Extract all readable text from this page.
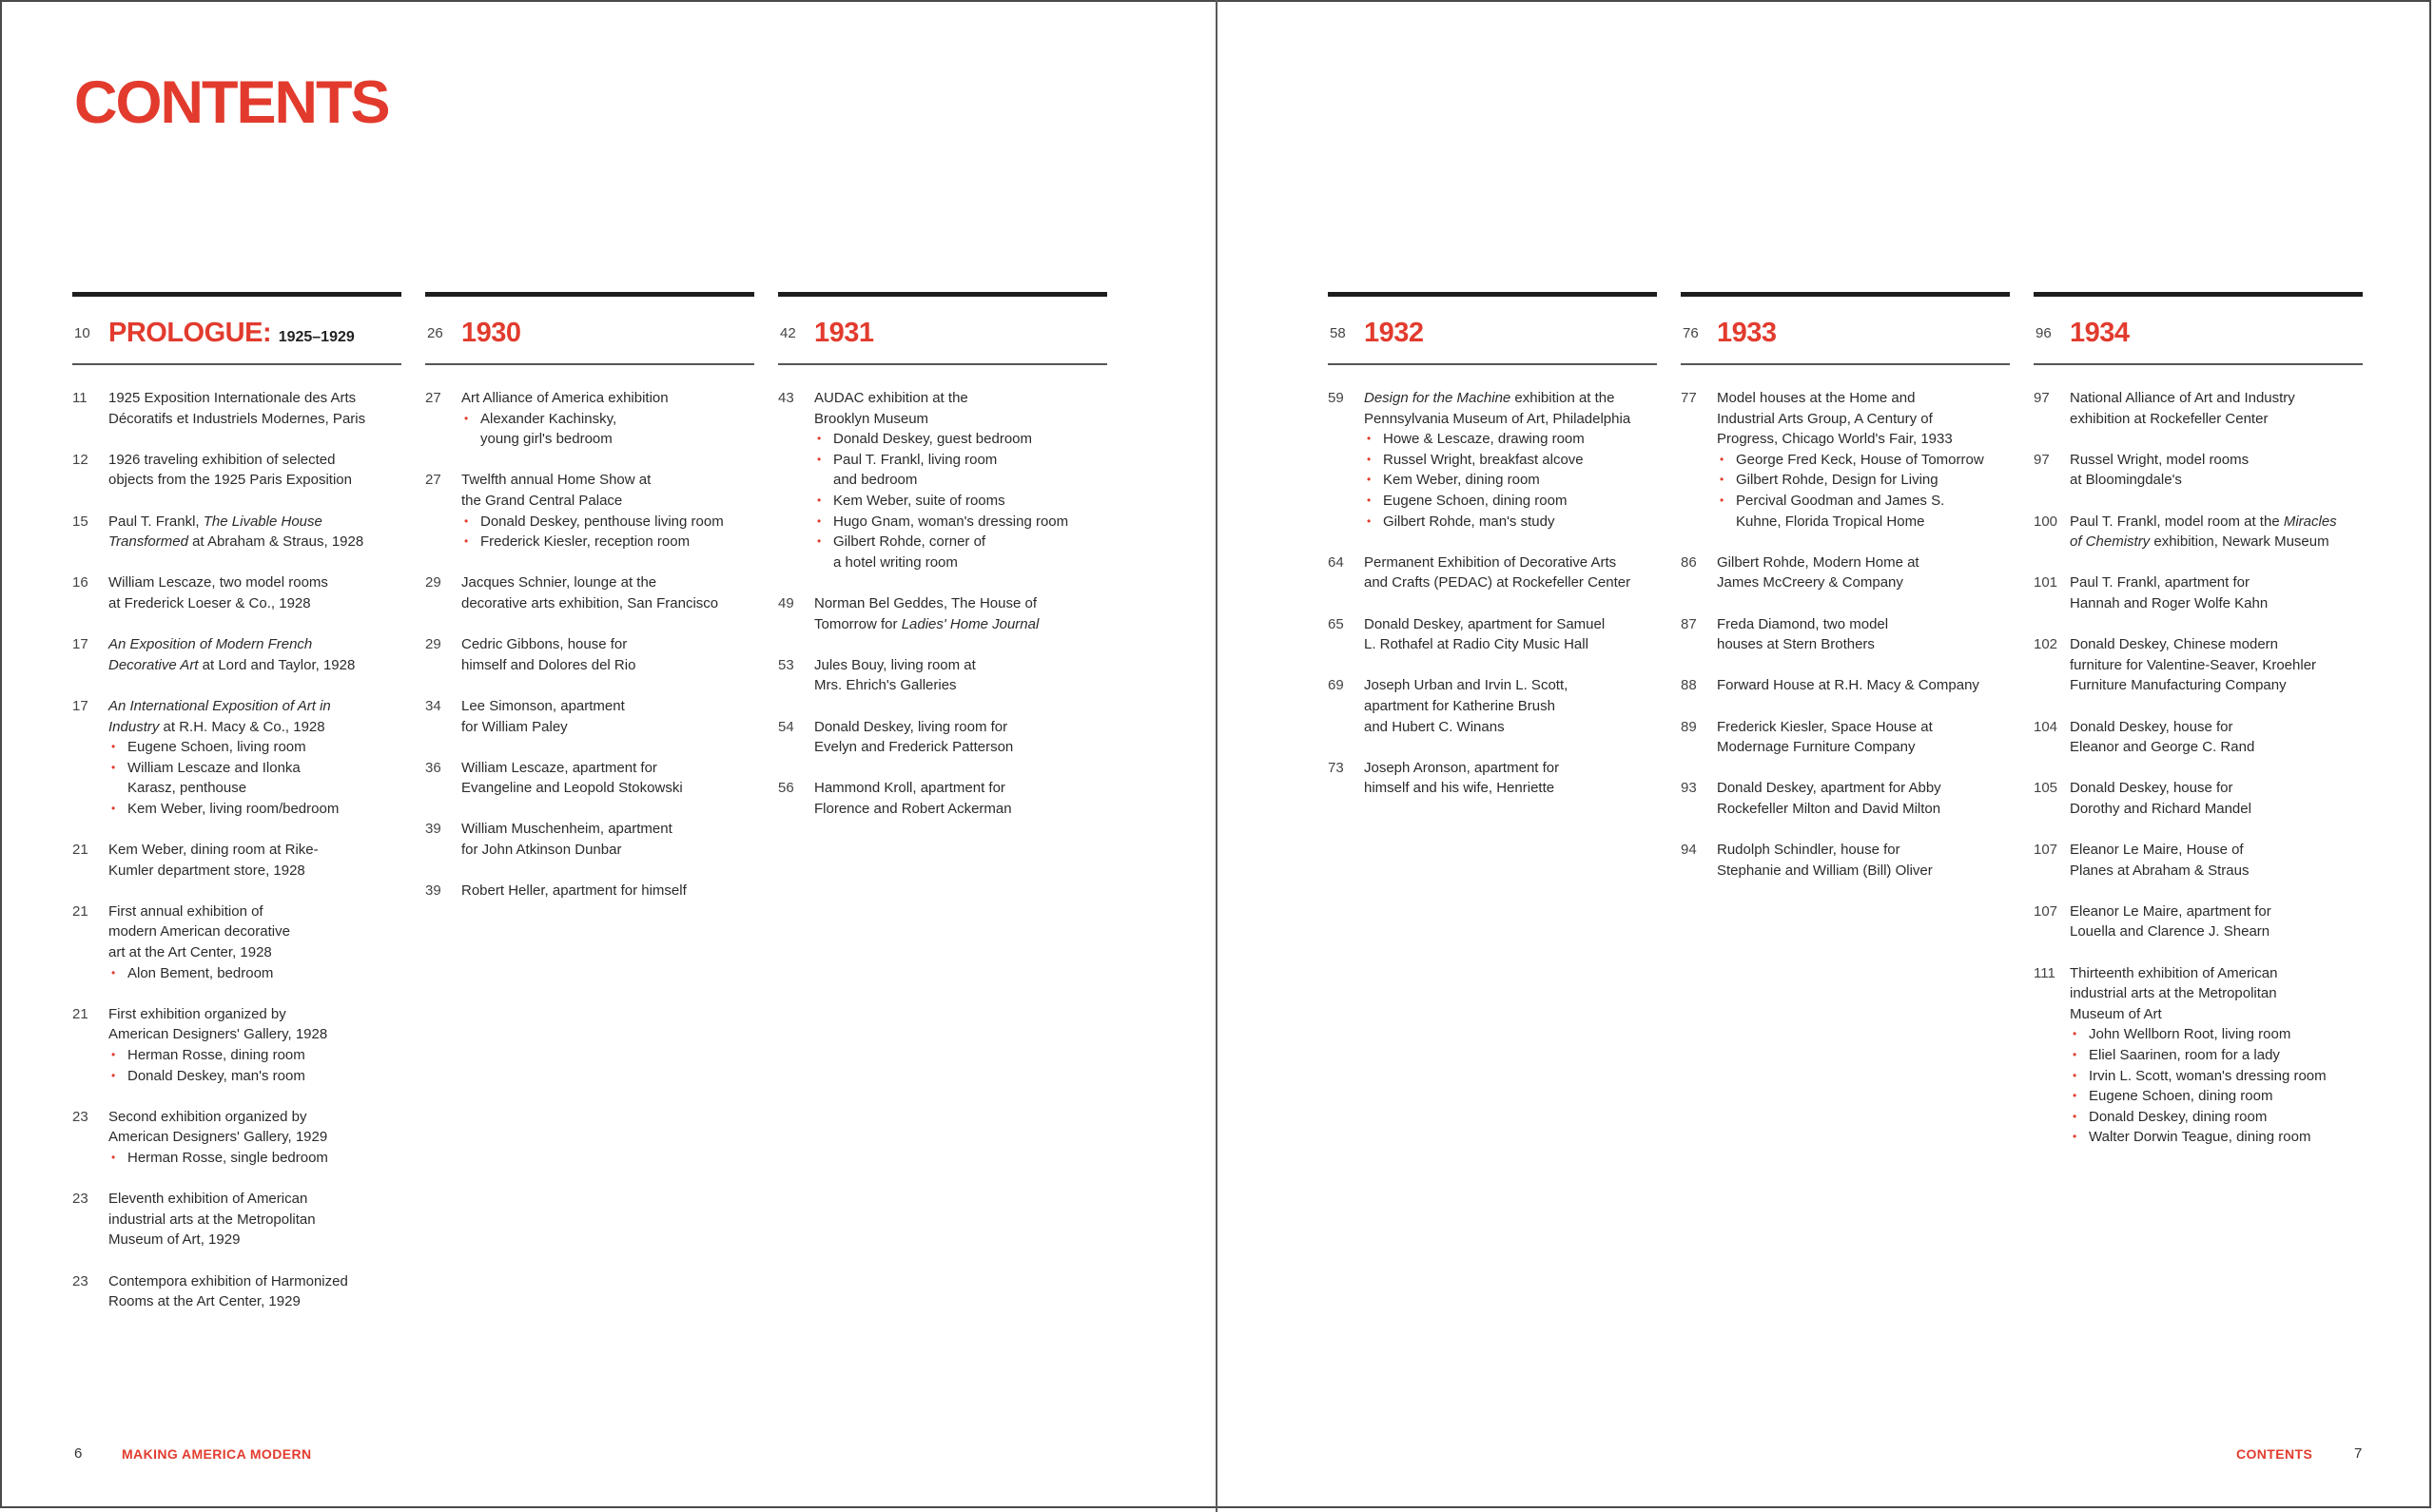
CONTENTS
10 PROLOGUE: 1925–1929
11	1925 Exposition Internationale des Arts
Décoratifs et Industriels Modernes, Paris
12	1926 traveling exhibition of selected
objects from the 1925 Paris Exposition
15	Paul T. Frankl, The Livable House
Transformed at Abraham & Straus, 1928
16	William Lescaze, two model rooms
at Frederick Loeser & Co., 1928
17	An Exposition of Modern French
Decorative Art at Lord and Taylor, 1928
17	An International Exposition of Art in
Industry at R.H. Macy & Co., 1928
• Eugene Schoen, living room
• William Lescaze and Ilonka
Karasz, penthouse
• Kem Weber, living room/bedroom
21	Kem Weber, dining room at Rike-
Kumler department store, 1928
21	First annual exhibition of
modern American decorative
art at the Art Center, 1928
• Alon Bement, bedroom
21	First exhibition organized by
American Designers' Gallery, 1928
• Herman Rosse, dining room
• Donald Deskey, man's room
23	Second exhibition organized by
American Designers' Gallery, 1929
• Herman Rosse, single bedroom
23	Eleventh exhibition of American
industrial arts at the Metropolitan
Museum of Art, 1929
23	Contempora exhibition of Harmonized
Rooms at the Art Center, 1929
26 1930
27	Art Alliance of America exhibition
• Alexander Kachinsky,
young girl's bedroom
27	Twelfth annual Home Show at
the Grand Central Palace
• Donald Deskey, penthouse living room
• Frederick Kiesler, reception room
29	Jacques Schnier, lounge at the
decorative arts exhibition, San Francisco
29	Cedric Gibbons, house for
himself and Dolores del Rio
34	Lee Simonson, apartment
for William Paley
36	William Lescaze, apartment for
Evangeline and Leopold Stokowski
39	William Muschenheim, apartment
for John Atkinson Dunbar
39	Robert Heller, apartment for himself
42 1931
43	AUDAC exhibition at the
Brooklyn Museum
• Donald Deskey, guest bedroom
• Paul T. Frankl, living room
and bedroom
• Kem Weber, suite of rooms
• Hugo Gnam, woman's dressing room
• Gilbert Rohde, corner of
a hotel writing room
49	Norman Bel Geddes, The House of
Tomorrow for Ladies' Home Journal
53	Jules Bouy, living room at
Mrs. Ehrich's Galleries
54	Donald Deskey, living room for
Evelyn and Frederick Patterson
56	Hammond Kroll, apartment for
Florence and Robert Ackerman
58 1932
59	Design for the Machine exhibition at the
Pennsylvania Museum of Art, Philadelphia
• Howe & Lescaze, drawing room
• Russel Wright, breakfast alcove
• Kem Weber, dining room
• Eugene Schoen, dining room
• Gilbert Rohde, man's study
64	Permanent Exhibition of Decorative Arts
and Crafts (PEDAC) at Rockefeller Center
65	Donald Deskey, apartment for Samuel
L. Rothafel at Radio City Music Hall
69	Joseph Urban and Irvin L. Scott,
apartment for Katherine Brush
and Hubert C. Winans
73	Joseph Aronson, apartment for
himself and his wife, Henriette
76 1933
77	Model houses at the Home and
Industrial Arts Group, A Century of
Progress, Chicago World's Fair, 1933
• George Fred Keck, House of Tomorrow
• Gilbert Rohde, Design for Living
• Percival Goodman and James S.
Kuhne, Florida Tropical Home
86	Gilbert Rohde, Modern Home at
James McCreery & Company
87	Freda Diamond, two model
houses at Stern Brothers
88	Forward House at R.H. Macy & Company
89	Frederick Kiesler, Space House at
Modernage Furniture Company
93	Donald Deskey, apartment for Abby
Rockefeller Milton and David Milton
94	Rudolph Schindler, house for
Stephanie and William (Bill) Oliver
96 1934
97	National Alliance of Art and Industry
exhibition at Rockefeller Center
97	Russel Wright, model rooms
at Bloomingdale's
100 Paul T. Frankl, model room at the Miracles
of Chemistry exhibition, Newark Museum
101 Paul T. Frankl, apartment for
Hannah and Roger Wolfe Kahn
102 Donald Deskey, Chinese modern
furniture for Valentine-Seaver, Kroehler
Furniture Manufacturing Company
104 Donald Deskey, house for
Eleanor and George C. Rand
105 Donald Deskey, house for
Dorothy and Richard Mandel
107 Eleanor Le Maire, House of
Planes at Abraham & Straus
107 Eleanor Le Maire, apartment for
Louella and Clarence J. Shearn
111	Thirteenth exhibition of American
industrial arts at the Metropolitan
Museum of Art
• John Wellborn Root, living room
• Eliel Saarinen, room for a lady
• Irvin L. Scott, woman's dressing room
• Eugene Schoen, dining room
• Donald Deskey, dining room
• Walter Dorwin Teague, dining room
6	MAKING AMERICA MODERN	CONTENTS	7
